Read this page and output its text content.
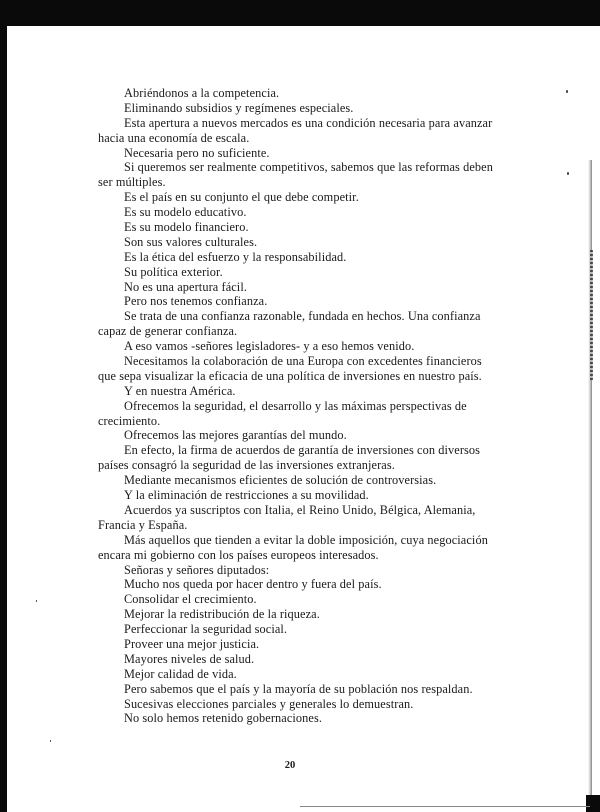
Abriéndonos a la competencia.
Eliminando subsidios y regímenes especiales.
Esta apertura a nuevos mercados es una condición necesaria para avanzar
hacia una economía de escala.
Necesaria pero no suficiente.
Si queremos ser realmente competitivos, sabemos que las reformas deben
ser múltiples.
Es el país en su conjunto el que debe competir.
Es su modelo educativo.
Es su modelo financiero.
Son sus valores culturales.
Es la ética del esfuerzo y la responsabilidad.
Su política exterior.
No es una apertura fácil.
Pero nos tenemos confianza.
Se trata de una confianza razonable, fundada en hechos. Una confianza
capaz de generar confianza.
A eso vamos -señores legisladores- y a eso hemos venido.
Necesitamos la colaboración de una Europa con excedentes financieros
que sepa visualizar la eficacia de una política de inversiones en nuestro país.
Y en nuestra América.
Ofrecemos la seguridad, el desarrollo y las máximas perspectivas de
crecimiento.
Ofrecemos las mejores garantías del mundo.
En efecto, la firma de acuerdos de garantía de inversiones con diversos
países consagró la seguridad de las inversiones extranjeras.
Mediante mecanismos eficientes de solución de controversias.
Y la eliminación de restricciones a su movilidad.
Acuerdos ya suscriptos con Italia, el Reino Unido, Bélgica, Alemania,
Francia y España.
Más aquellos que tienden a evitar la doble imposición, cuya negociación
encara mi gobierno con los países europeos interesados.
Señoras y señores diputados:
Mucho nos queda por hacer dentro y fuera del país.
Consolidar el crecimiento.
Mejorar la redistribución de la riqueza.
Perfeccionar la seguridad social.
Proveer una mejor justicia.
Mayores niveles de salud.
Mejor calidad de vida.
Pero sabemos que el país y la mayoría de su población nos respaldan.
Sucesivas elecciones parciales y generales lo demuestran.
No solo hemos retenido gobernaciones.
20
